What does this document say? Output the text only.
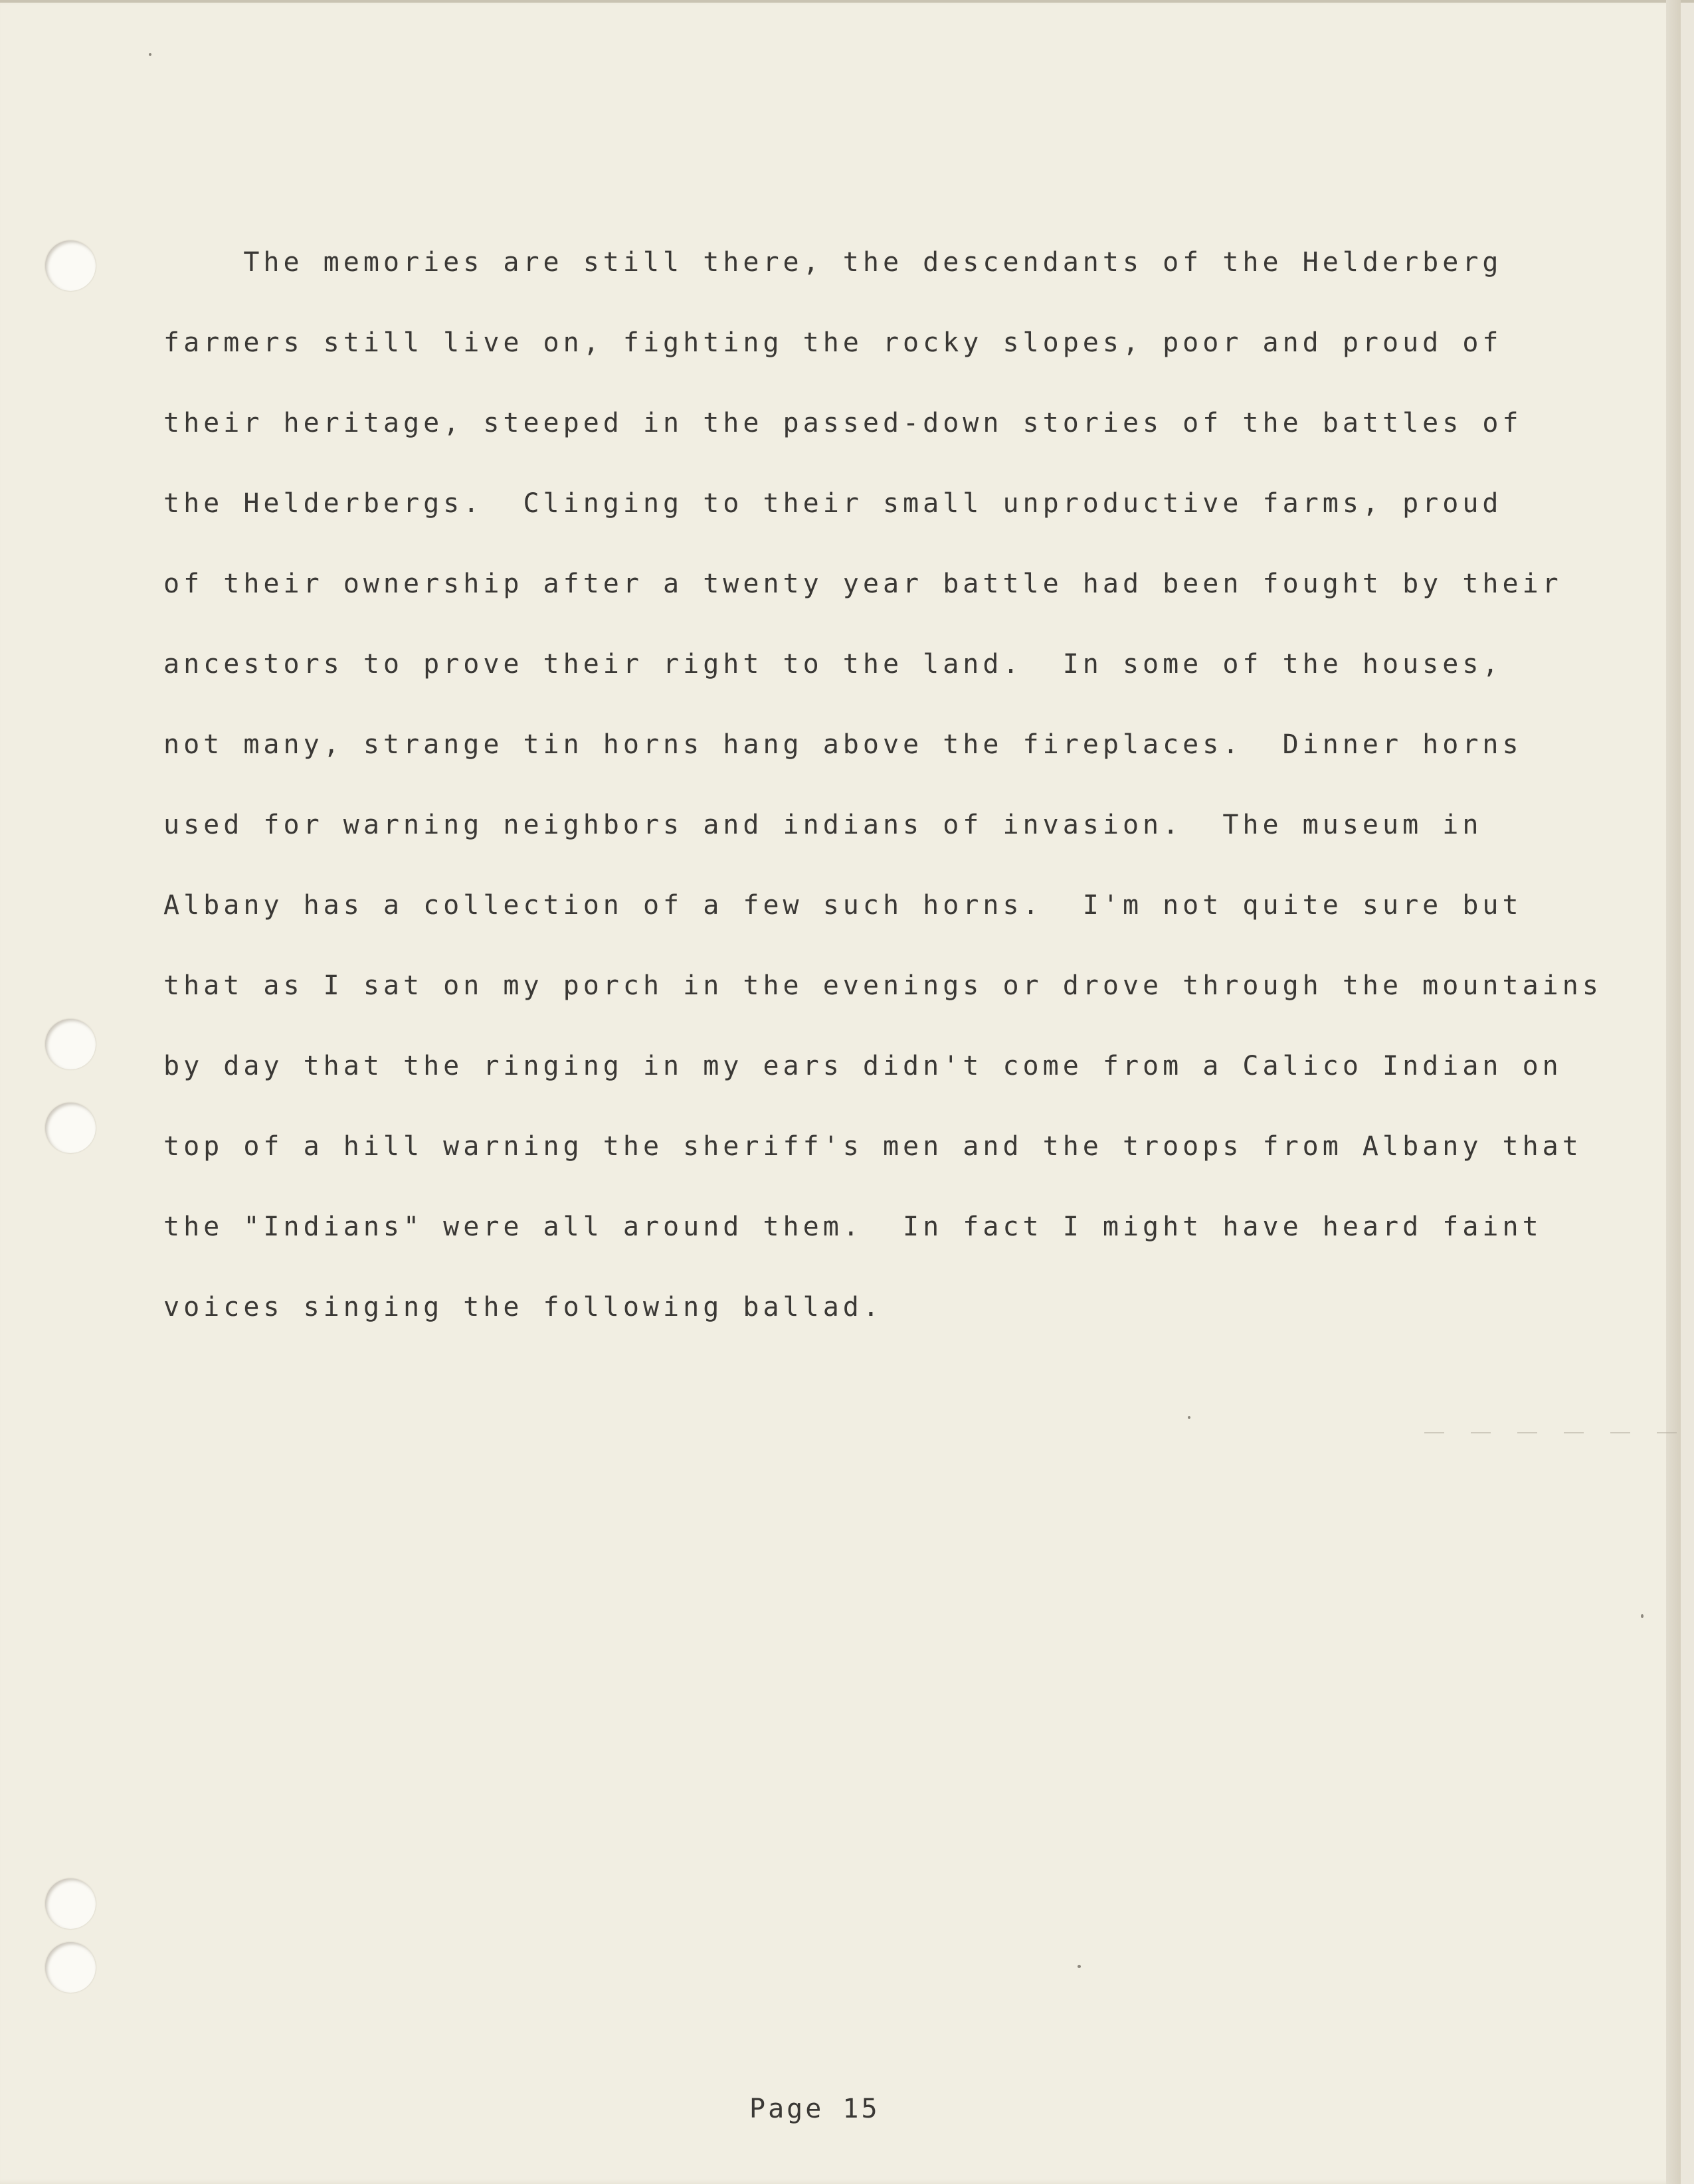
The memories are still there, the descendants of the Helderberg
farmers still live on, fighting the rocky slopes, poor and proud of
their heritage, steeped in the passed-down stories of the battles of
the Helderbergs.  Clinging to their small unproductive farms, proud
of their ownership after a twenty year battle had been fought by their
ancestors to prove their right to the land.  In some of the houses,
not many, strange tin horns hang above the fireplaces.  Dinner horns
used for warning neighbors and indians of invasion.  The museum in
Albany has a collection of a few such horns.  I'm not quite sure but
that as I sat on my porch in the evenings or drove through the mountains
by day that the ringing in my ears didn't come from a Calico Indian on
top of a hill warning the sheriff's men and the troops from Albany that
the "Indians" were all around them.  In fact I might have heard faint
voices singing the following ballad.
Page 15
